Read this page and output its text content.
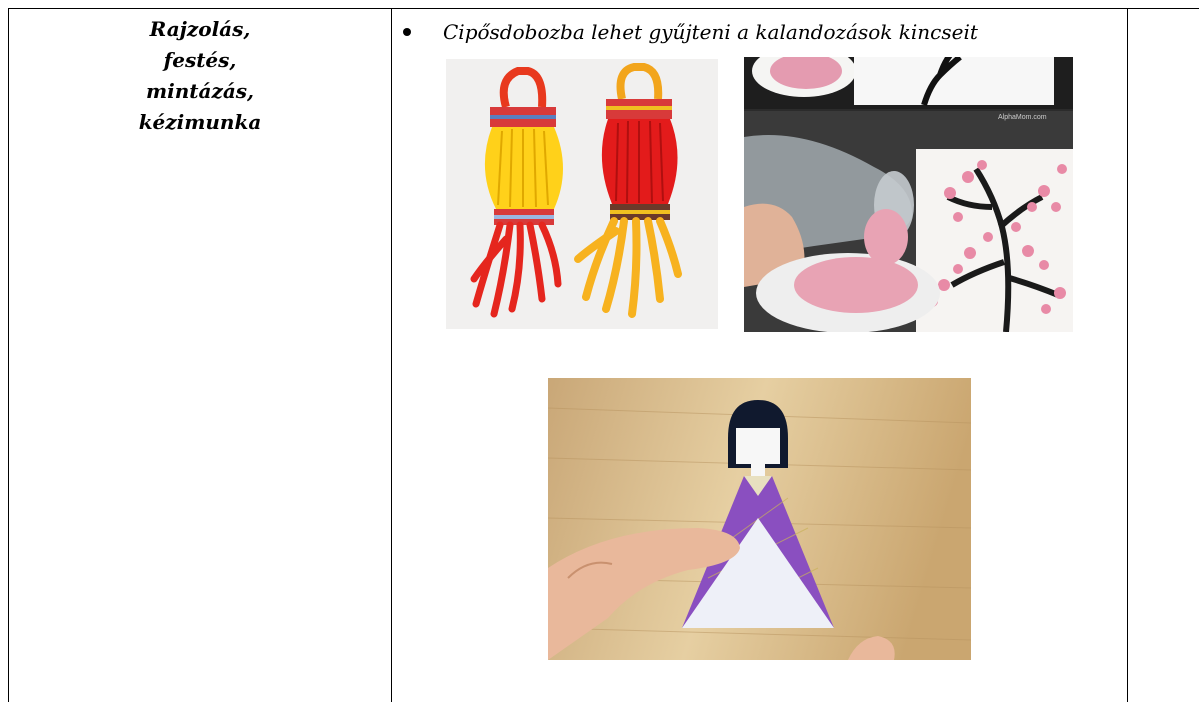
Rajzolás,
festés,
mintázás,
kézimunka
Cipősdobozba lehet gyűjteni a kalandozások kincseit
AlphaMom.com
